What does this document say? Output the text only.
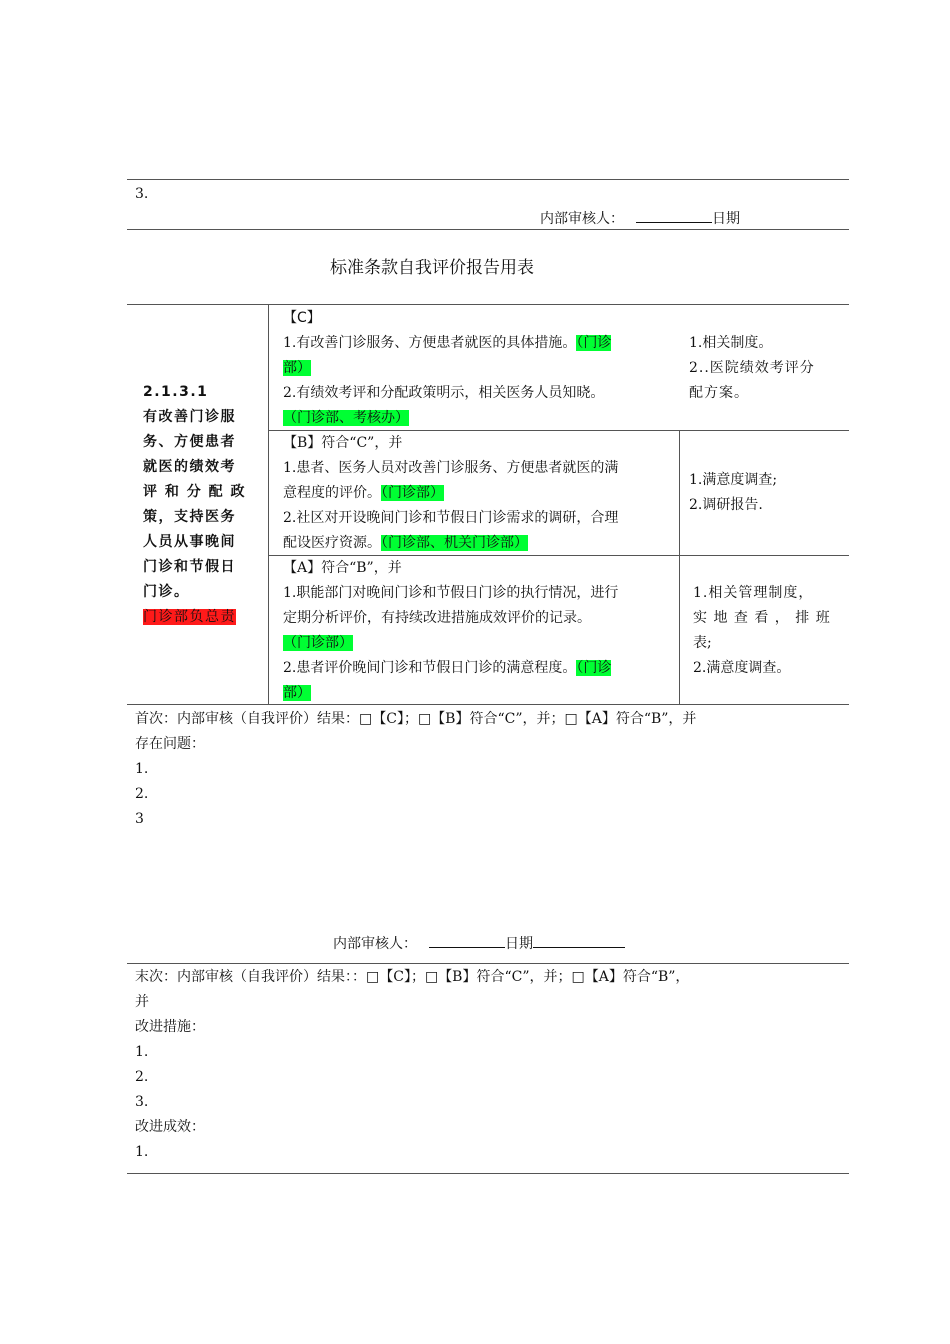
3.
内部审核人：	日期
标准条款自我评价报告用表
2.1.3.1
有改善门诊服
务、方便患者
就医的绩效考
评 和 分 配 政
策，支持医务
人员从事晚间
门诊和节假日
门诊。
门诊部负总责
【C】
1.有改善门诊服务、方便患者就医的具体措施。（门诊
部）
2.有绩效考评和分配政策明示，相关医务人员知晓。
（门诊部、考核办）
1.相关制度。
2..医院绩效考评分
配方案。
【B】符合“C”，并
1.患者、医务人员对改善门诊服务、方便患者就医的满
意程度的评价。（门诊部）
2.社区对开设晚间门诊和节假日门诊需求的调研，合理
配设医疗资源。（门诊部、机关门诊部）
1.满意度调查;
2.调研报告.
【A】符合“B”，并
1.职能部门对晚间门诊和节假日门诊的执行情况，进行
定期分析评价，有持续改进措施成效评价的记录。
（门诊部）
2.患者评价晚间门诊和节假日门诊的满意程度。（门诊
部）
1.相关管理制度，
实 地 查 看 ， 排 班
表;
2.满意度调查。
首次：内部审核（自我评价）结果：□【C】；□【B】符合“C”，并；□【A】符合“B”，并
存在问题：
1.
2.
3
内部审核人：	日期
末次：内部审核（自我评价）结果：：□【C】；□【B】符合“C”，并；□【A】符合“B”，
并
改进措施：
1.
2.
3.
改进成效：
1.
